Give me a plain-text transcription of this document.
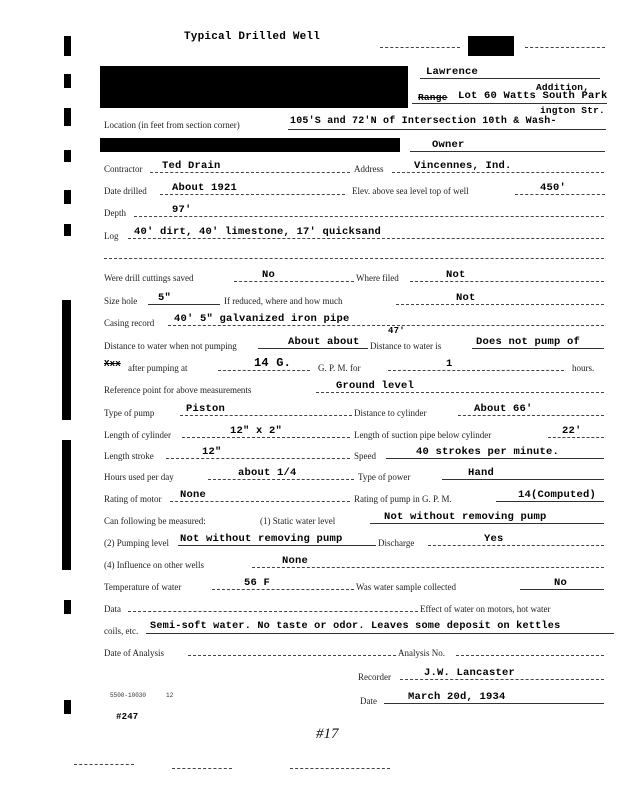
Typical Drilled Well
Lawrence
Addition,
Range Lot 60 Watts South Park
ington Str.
Location (in feet from section corner)	105'S and 72'N of Intersection 10th & Wash-
Owner
Contractor Ted Drain	Address	Vincennes, Ind.
Date drilled About 1921	Elev. above sea level top of well	450'
Depth	97'
Log 40' dirt, 40' limestone, 17' quicksand
Were drill cuttings saved	No	Where filed	Not
Size hole 5"	If reduced, where and how much	Not
Casing record 40' 5" galvanized iron pipe
47'
Distance to water when not pumping	About about Distance to water is	Does not pump of
Xxx after pumping at	14 G.	G. P. M. for	1	hours.
Reference point for above measurements	Ground level
Type of pump	Piston	Distance to cylinder	About 66'
Length of cylinder	12" x 2"	Length of suction pipe below cylinder	22'
Length stroke	12"	Speed	40 strokes per minute.
Hours used per day	about 1/4	Type of power	Hand
Rating of motor None	Rating of pump in G. P. M.	14(Computed)
Can following be measured:	(1) Static water level	Not without removing pump
(2) Pumping level Not without removing pump	Discharge	Yes
(4) Influence on other wells	None
Temperature of water	56 F	Was water sample collected	No
Data	Effect of water on motors, hot water
coils, etc. Semi-soft water. No taste or odor. Leaves some deposit on kettles
Date of Analysis	Analysis No.
Recorder	J.W. Lancaster
5500-10030	12
Date	March 20d, 1934
#247
#17
